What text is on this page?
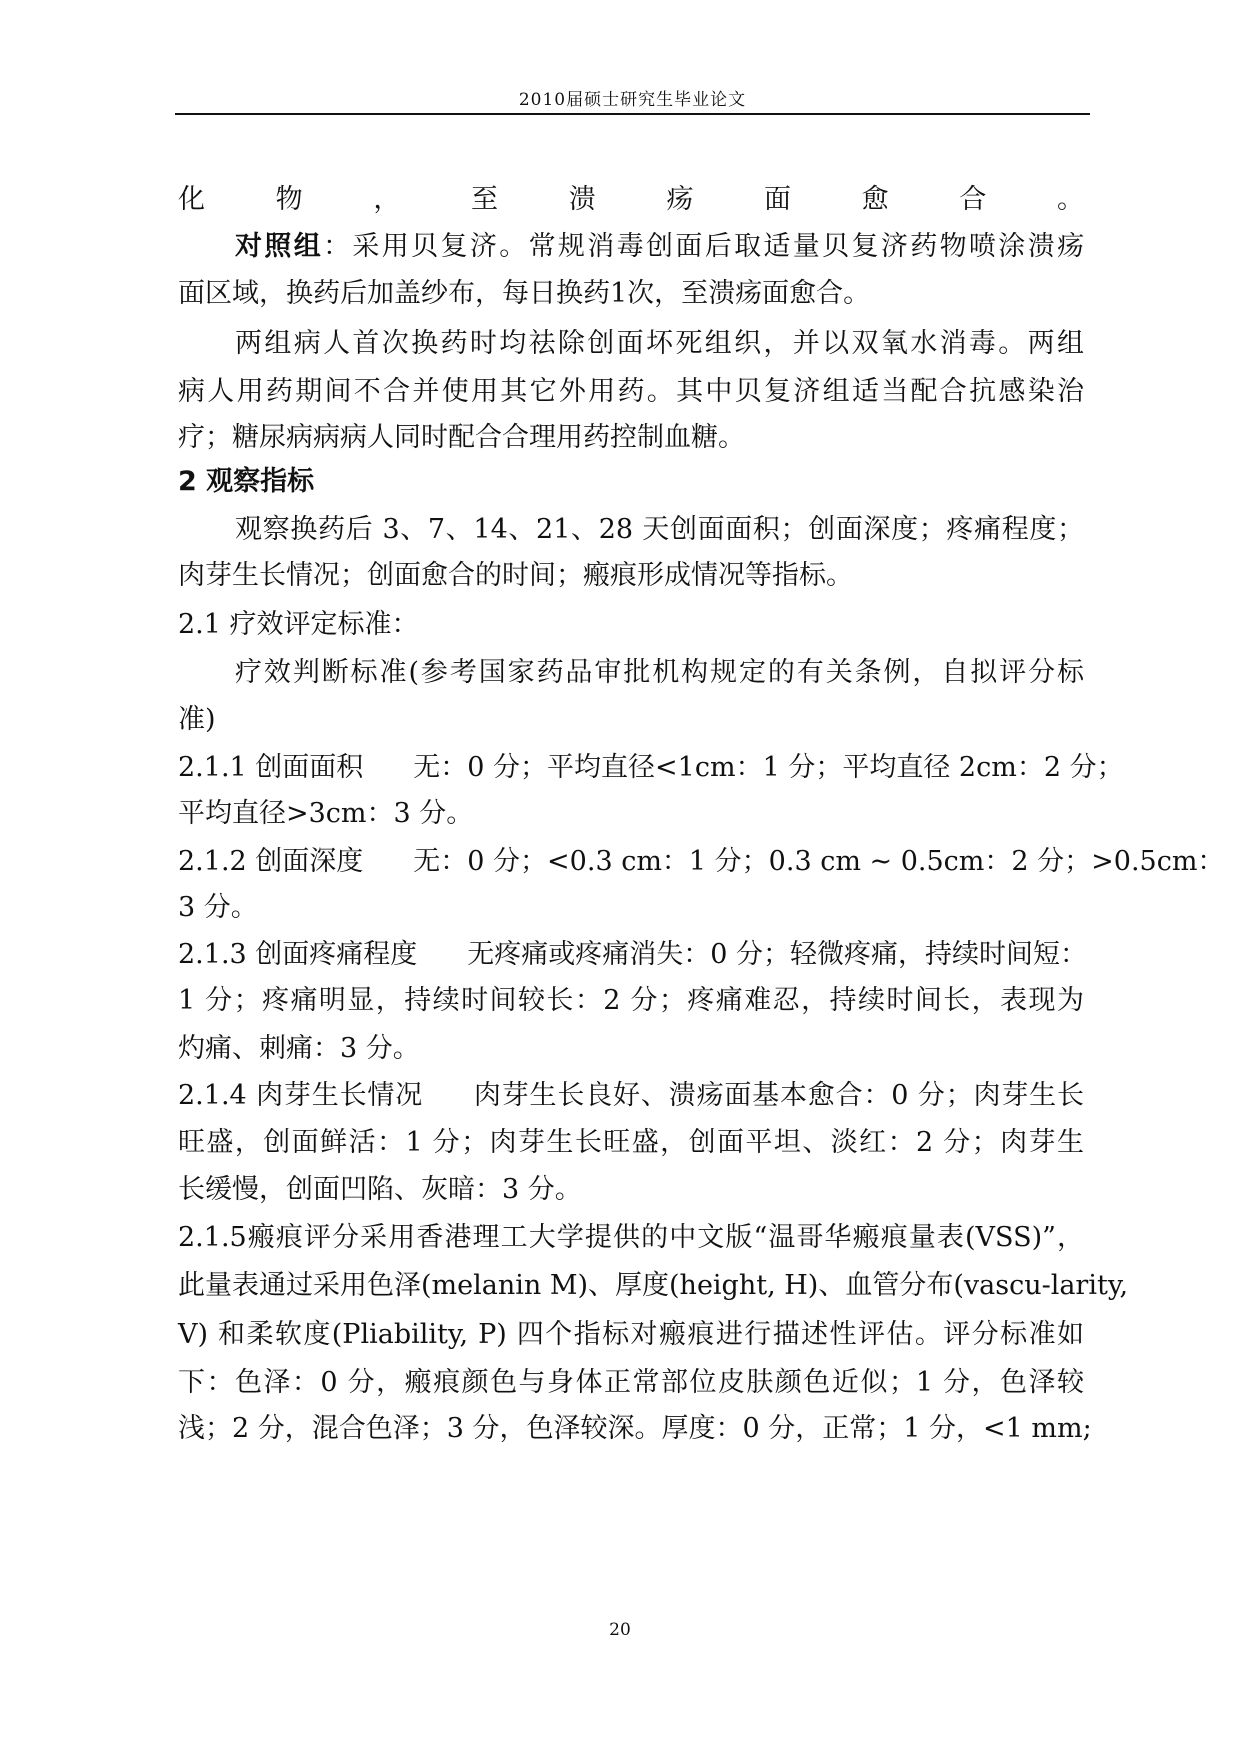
2010届硕士研究生毕业论文
化物，至溃疡面愈合。
对照组：采用贝复济。常规消毒创面后取适量贝复济药物喷涂溃疡
面区域，换药后加盖纱布，每日换药1次，至溃疡面愈合。
两组病人首次换药时均祛除创面坏死组织，并以双氧水消毒。两组
病人用药期间不合并使用其它外用药。其中贝复济组适当配合抗感染治
疗；糖尿病病病人同时配合合理用药控制血糖。
2 观察指标
观察换药后 3、7、14、21、28 天创面面积；创面深度；疼痛程度；
肉芽生长情况；创面愈合的时间；瘢痕形成情况等指标。
2.1 疗效评定标准：
疗效判断标准(参考国家药品审批机构规定的有关条例，自拟评分标
准)
2.1.1 创面面积 无：0 分；平均直径<1cm：1 分；平均直径 2cm：2 分；
平均直径>3cm：3 分。
2.1.2 创面深度 无：0 分；<0.3 cm：1 分；0.3 cm ~ 0.5cm：2 分；>0.5cm：
3 分。
2.1.3 创面疼痛程度 无疼痛或疼痛消失：0 分；轻微疼痛，持续时间短：
1 分；疼痛明显，持续时间较长：2 分；疼痛难忍，持续时间长，表现为
灼痛、刺痛：3 分。
2.1.4 肉芽生长情况 肉芽生长良好、溃疡面基本愈合：0 分；肉芽生长
旺盛，创面鲜活：1 分；肉芽生长旺盛，创面平坦、淡红：2 分；肉芽生
长缓慢，创面凹陷、灰暗：3 分。
2.1.5瘢痕评分采用香港理工大学提供的中文版“温哥华瘢痕量表(VSS)”，
此量表通过采用色泽(melanin M)、厚度(height, H)、血管分布(vascu-larity,
V) 和柔软度(Pliability, P) 四个指标对瘢痕进行描述性评估。评分标准如
下：色泽：0 分，瘢痕颜色与身体正常部位皮肤颜色近似；1 分，色泽较
浅；2 分，混合色泽；3 分，色泽较深。厚度：0 分，正常；1 分，<1 mm;
20
